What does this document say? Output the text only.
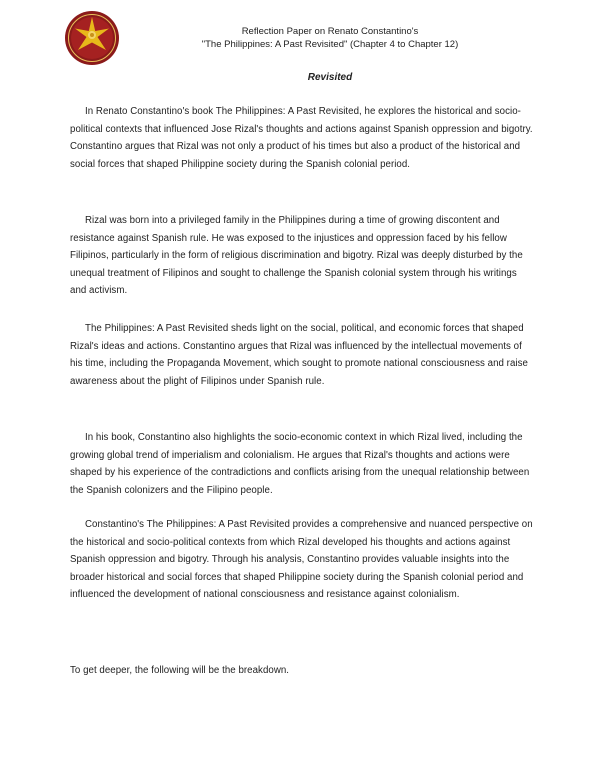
Reflection Paper on Renato Constantino's
"The Philippines: A Past Revisited" (Chapter 4 to Chapter 12)
Revisited

In Renato Constantino's book The Philippines: A Past Revisited, he explores the historical and socio-political contexts that influenced Jose Rizal's thoughts and actions against Spanish oppression and bigotry. Constantino argues that Rizal was not only a product of his times but also a product of the historical and social forces that shaped Philippine society during the Spanish colonial period.

Rizal was born into a privileged family in the Philippines during a time of growing discontent and resistance against Spanish rule. He was exposed to the injustices and oppression faced by his fellow Filipinos, particularly in the form of religious discrimination and bigotry. Rizal was deeply disturbed by the unequal treatment of Filipinos and sought to challenge the Spanish colonial system through his writings and activism.

The Philippines: A Past Revisited sheds light on the social, political, and economic forces that shaped Rizal's ideas and actions. Constantino argues that Rizal was influenced by the intellectual movements of his time, including the Propaganda Movement, which sought to promote national consciousness and raise awareness about the plight of Filipinos under Spanish rule.

In his book, Constantino also highlights the socio-economic context in which Rizal lived, including the growing global trend of imperialism and colonialism. He argues that Rizal's thoughts and actions were shaped by his experience of the contradictions and conflicts arising from the unequal relationship between the Spanish colonizers and the Filipino people.

Constantino's The Philippines: A Past Revisited provides a comprehensive and nuanced perspective on the historical and socio-political contexts from which Rizal developed his thoughts and actions against Spanish oppression and bigotry. Through his analysis, Constantino provides valuable insights into the broader historical and social forces that shaped Philippine society during the Spanish colonial period and influenced the development of national consciousness and resistance against colonialism.

To get deeper, the following will be the breakdown.
